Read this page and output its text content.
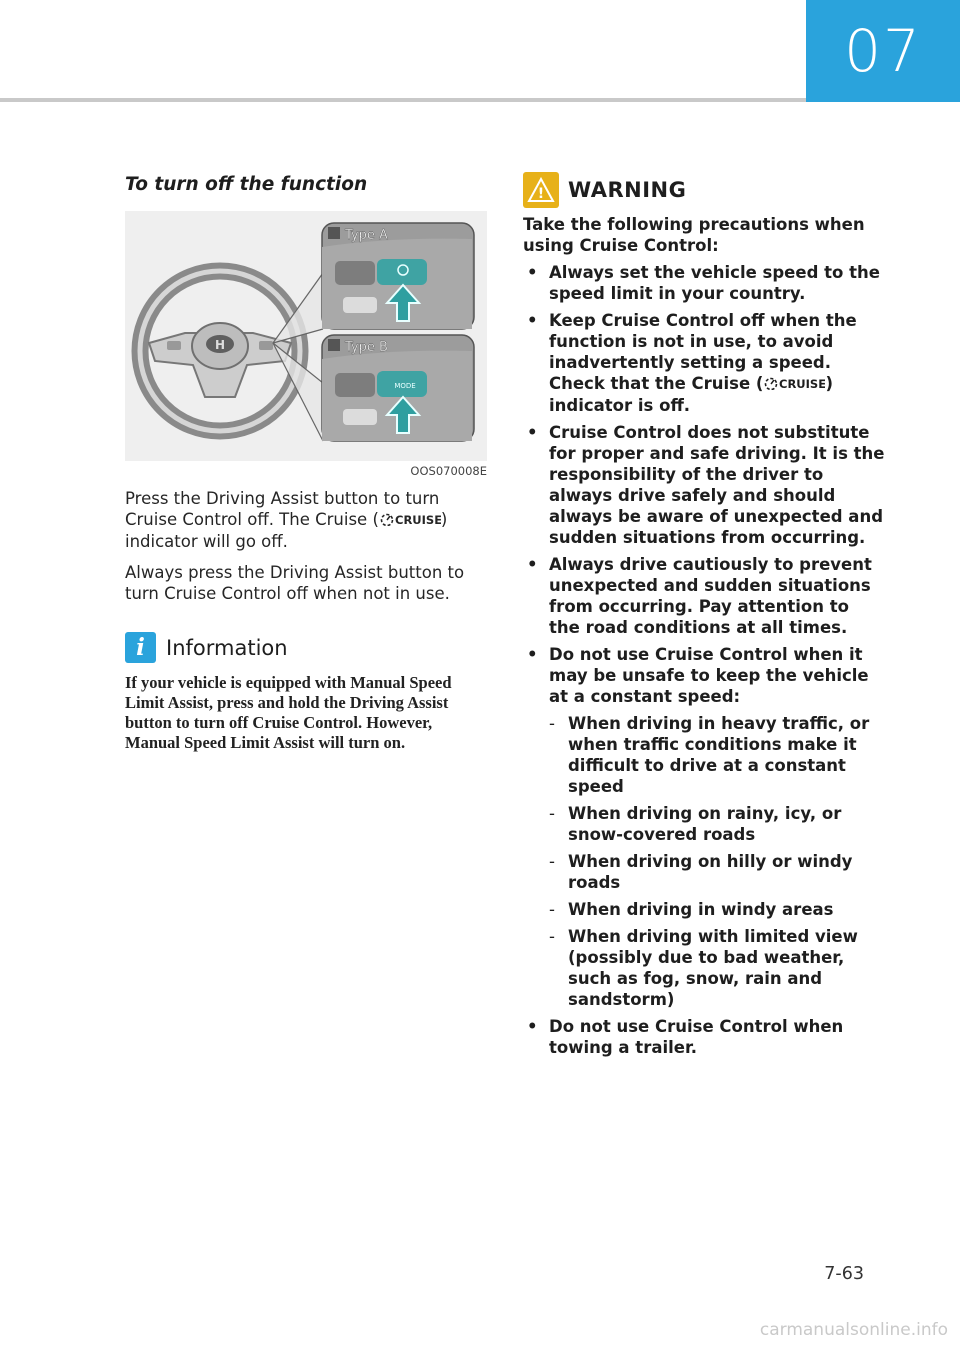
07
To turn off the function
H
Type A
MODE
Type B
OOS070008E

Press the Driving Assist button to turn Cruise Control off. The Cruise ( CRUISE
) indicator will go off.

Always press the Driving Assist button to turn Cruise Control off when not in use.

i	Information

If your vehicle is equipped with Manual Speed Limit Assist, press and hold the Driving Assist button to turn off Cruise Control. However, Manual Speed Limit Assist will turn on.

! WARNING

Take the following precautions when using Cruise Control:

• Always set the vehicle speed to the speed limit in your country.
• Keep Cruise Control off when the function is not in use, to avoid inadvertently setting a speed. Check that the Cruise ( CRUISE
) indicator is off.
• Cruise Control does not substitute for proper and safe driving. It is the responsibility of the driver to always drive safely and should always be aware of unexpected and sudden situations from occurring.
• Always drive cautiously to prevent unexpected and sudden situations from occurring. Pay attention to the road conditions at all times.
• Do not use Cruise Control when it may be unsafe to keep the vehicle at a constant speed:
- When driving in heavy traffic, or when traffic conditions make it difficult to drive at a constant speed
- When driving on rainy, icy, or snow-covered roads
- When driving on hilly or windy roads
- When driving in windy areas
- When driving with limited view (possibly due to bad weather, such as fog, snow, rain and sandstorm)
• Do not use Cruise Control when towing a trailer.
7-63
carmanualsonline.info
